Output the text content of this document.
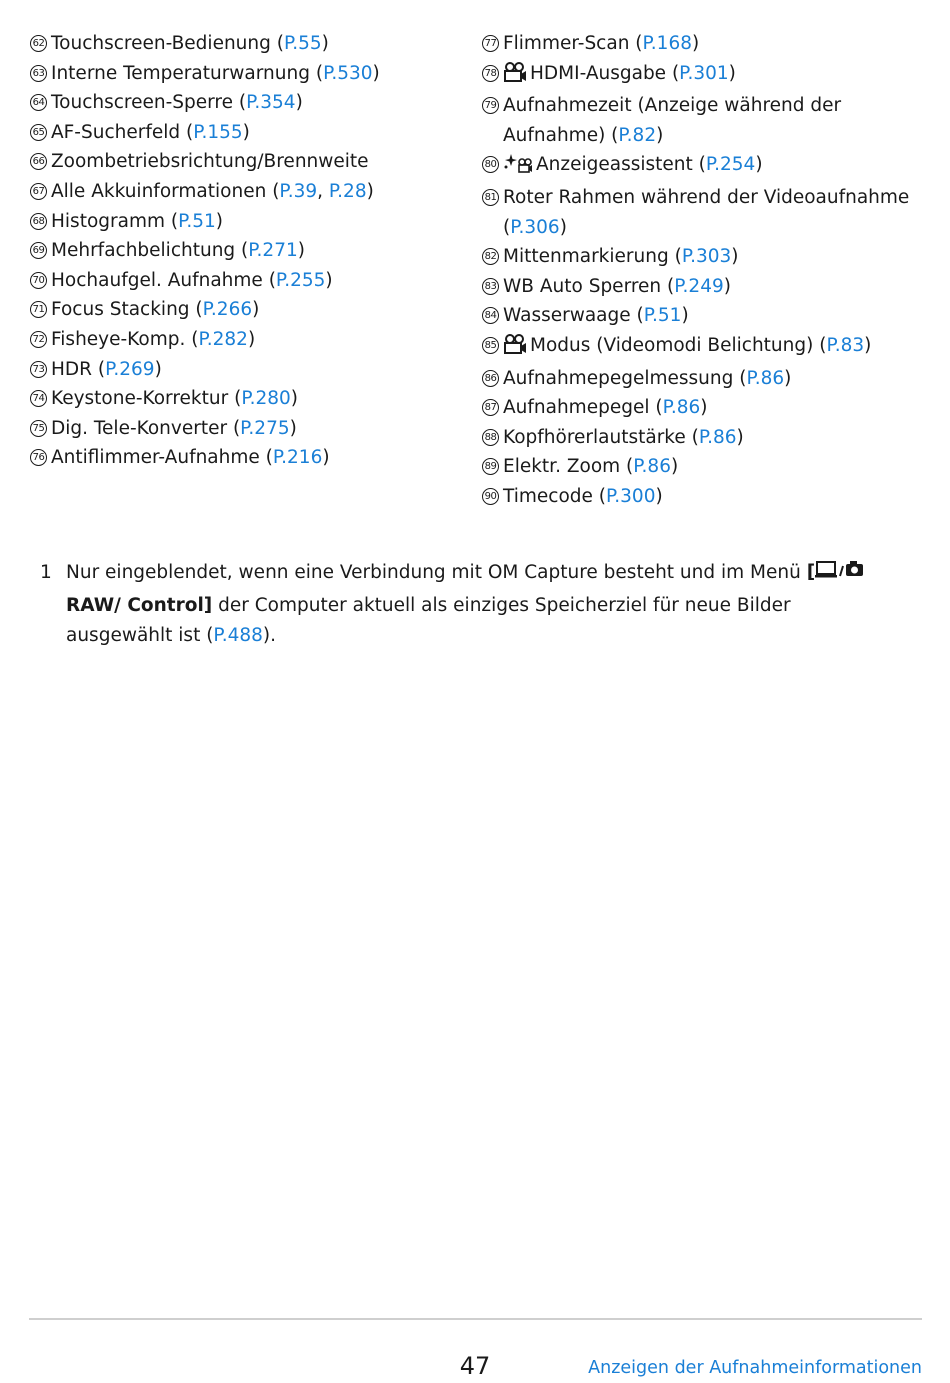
62 Touchscreen-Bedienung (P.55)
63 Interne Temperaturwarnung (P.530)
64 Touchscreen-Sperre (P.354)
65 AF-Sucherfeld (P.155)
66 Zoombetriebsrichtung/Brennweite
67 Alle Akkuinformationen (P.39, P.28)
68 Histogramm (P.51)
69 Mehrfachbelichtung (P.271)
70 Hochaufgel. Aufnahme (P.255)
71 Focus Stacking (P.266)
72 Fisheye-Komp. (P.282)
73 HDR (P.269)
74 Keystone-Korrektur (P.280)
75 Dig. Tele-Konverter (P.275)
76 Antiflimmer-Aufnahme (P.216)
77 Flimmer-Scan (P.168)
78	HDMI-Ausgabe (P.301)
79 Aufnahmezeit (Anzeige während der Aufnahme) (P.82)
80	Anzeigeassistent (P.254)
81 Roter Rahmen während der Videoaufnahme (P.306)
82 Mittenmarkierung (P.303)
83 WB Auto Sperren (P.249)
84 Wasserwaage (P.51)
85	Modus (Videomodi Belichtung) (P.83)
86 Aufnahmepegelmessung (P.86)
87 Aufnahmepegel (P.86)
88 Kopfhörerlautstärke (P.86)
89 Elektr. Zoom (P.86)
90 Timecode (P.300)
1 Nur eingeblendet, wenn eine Verbindung mit OM Capture besteht und im Menü [RAW/ Control] der Computer aktuell als einziges Speicherziel für neue Bilder ausgewählt ist (P.488).
47	Anzeigen der Aufnahmeinformationen
